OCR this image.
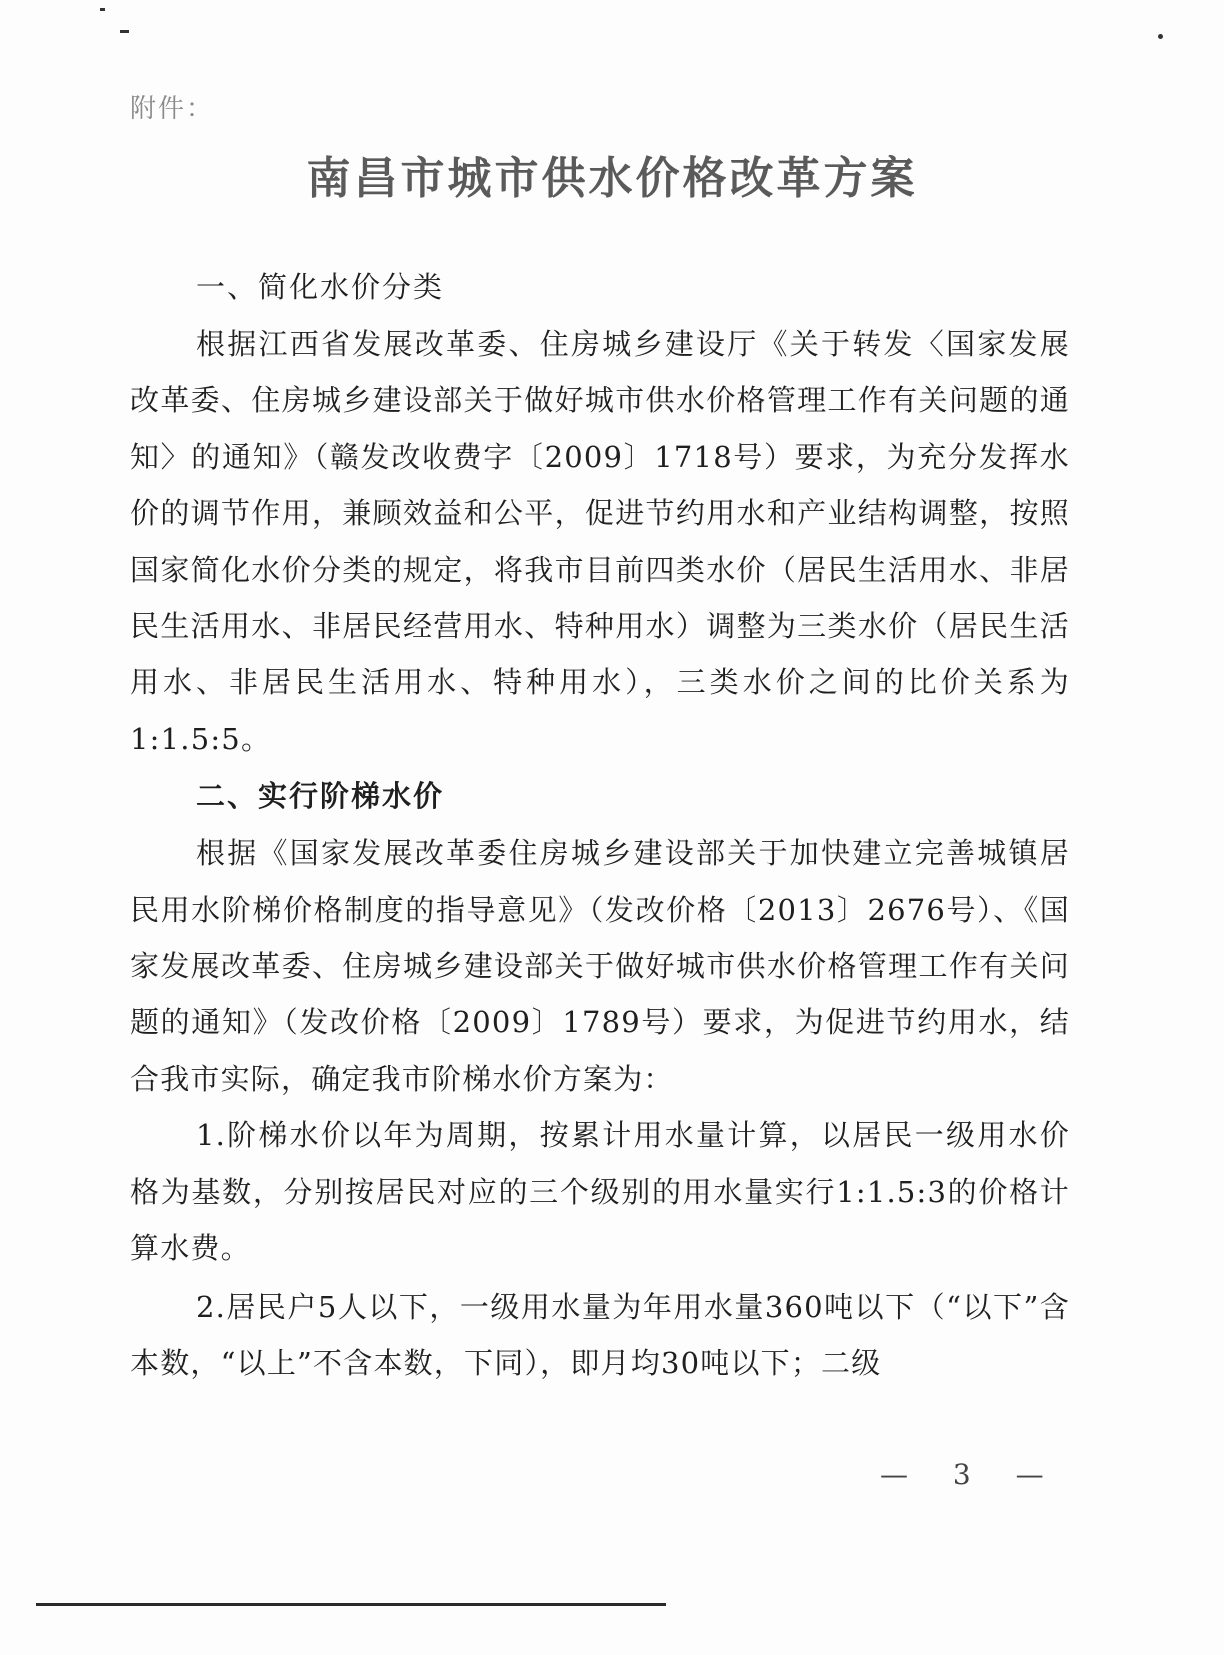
附件：
南昌市城市供水价格改革方案

一、简化水价分类

根据江西省发展改革委、住房城乡建设厅《关于转发〈国家发展改革委、住房城乡建设部关于做好城市供水价格管理工作有关问题的通知〉的通知》（赣发改收费字〔2009〕1718号）要求，为充分发挥水价的调节作用，兼顾效益和公平，促进节约用水和产业结构调整，按照国家简化水价分类的规定，将我市目前四类水价（居民生活用水、非居民生活用水、非居民经营用水、特种用水）调整为三类水价（居民生活用水、非居民生活用水、特种用水），三类水价之间的比价关系为1:1.5:5。

二、实行阶梯水价

根据《国家发展改革委住房城乡建设部关于加快建立完善城镇居民用水阶梯价格制度的指导意见》（发改价格〔2013〕2676号）、《国家发展改革委、住房城乡建设部关于做好城市供水价格管理工作有关问题的通知》（发改价格〔2009〕1789号）要求，为促进节约用水，结合我市实际，确定我市阶梯水价方案为：

1.阶梯水价以年为周期，按累计用水量计算，以居民一级用水价格为基数，分别按居民对应的三个级别的用水量实行1:1.5:3的价格计算水费。

2.居民户5人以下，一级用水量为年用水量360吨以下（“以下”含本数，“以上”不含本数，下同），即月均30吨以下；二级

— 3 —
